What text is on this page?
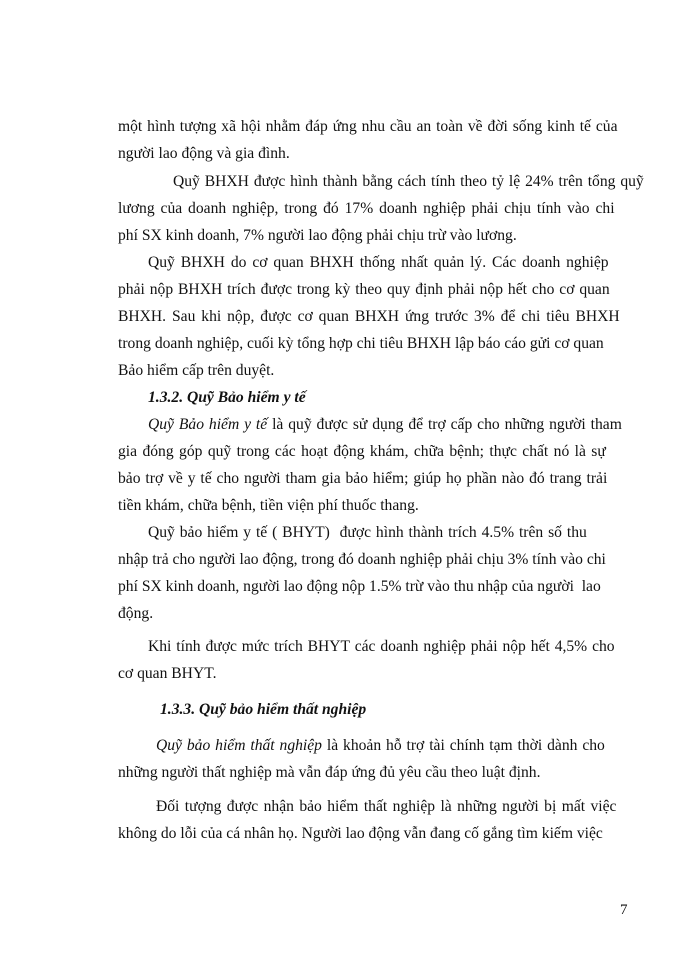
một hình tượng xã hội nhằm đáp ứng nhu cầu an toàn về đời sống kinh tế của
người lao động và gia đình.
Quỹ BHXH được hình thành bằng cách tính theo tỷ lệ 24% trên tổng quỹ
lương của doanh nghiệp, trong đó 17% doanh nghiệp phải chịu tính vào chi
phí SX kinh doanh, 7% người lao động phải chịu trừ vào lương.
Quỹ BHXH do cơ quan BHXH thống nhất quản lý. Các doanh nghiệp
phải nộp BHXH trích được trong kỳ theo quy định phải nộp hết cho cơ quan
BHXH. Sau khi nộp, được cơ quan BHXH ứng trước 3% để chi tiêu BHXH
trong doanh nghiệp, cuối kỳ tổng hợp chi tiêu BHXH lập báo cáo gửi cơ quan
Bảo hiểm cấp trên duyệt.
1.3.2. Quỹ Bảo hiểm y tế
Quỹ Bảo hiểm y tế là quỹ được sử dụng để trợ cấp cho những người tham
gia đóng góp quỹ trong các hoạt động khám, chữa bệnh; thực chất nó là sự
bảo trợ về y tế cho người tham gia bảo hiểm; giúp họ phần nào đó trang trải
tiền khám, chữa bệnh, tiền viện phí thuốc thang.
Quỹ bảo hiểm y tế ( BHYT)  được hình thành trích 4.5% trên số thu
nhập trả cho người lao động, trong đó doanh nghiệp phải chịu 3% tính vào chi
phí SX kinh doanh, người lao động nộp 1.5% trừ vào thu nhập của người  lao
động.
Khi tính được mức trích BHYT các doanh nghiệp phải nộp hết 4,5% cho
cơ quan BHYT.
1.3.3. Quỹ bảo hiểm thất nghiệp
Quỹ bảo hiểm thất nghiệp là khoản hỗ trợ tài chính tạm thời dành cho
những người thất nghiệp mà vẫn đáp ứng đủ yêu cầu theo luật định.
Đối tượng được nhận bảo hiểm thất nghiệp là những người bị mất việc
không do lỗi của cá nhân họ. Người lao động vẫn đang cố gắng tìm kiếm việc
7
